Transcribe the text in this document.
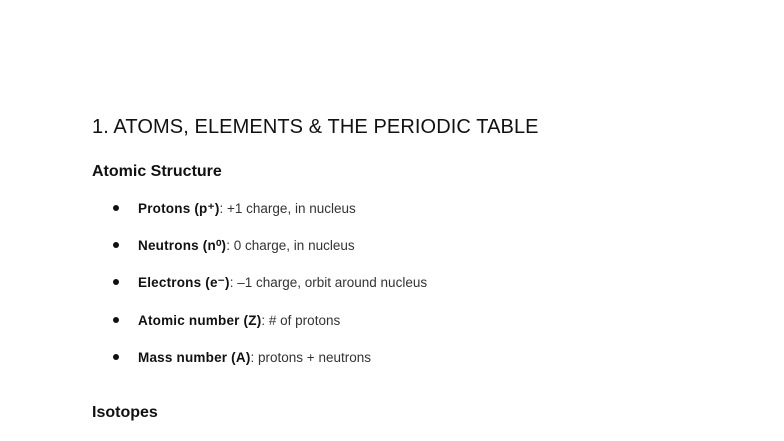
1. ATOMS, ELEMENTS & THE PERIODIC TABLE
Atomic Structure
Protons (p⁺): +1 charge, in nucleus
Neutrons (n⁰): 0 charge, in nucleus
Electrons (e⁻): –1 charge, orbit around nucleus
Atomic number (Z): # of protons
Mass number (A): protons + neutrons
Isotopes
